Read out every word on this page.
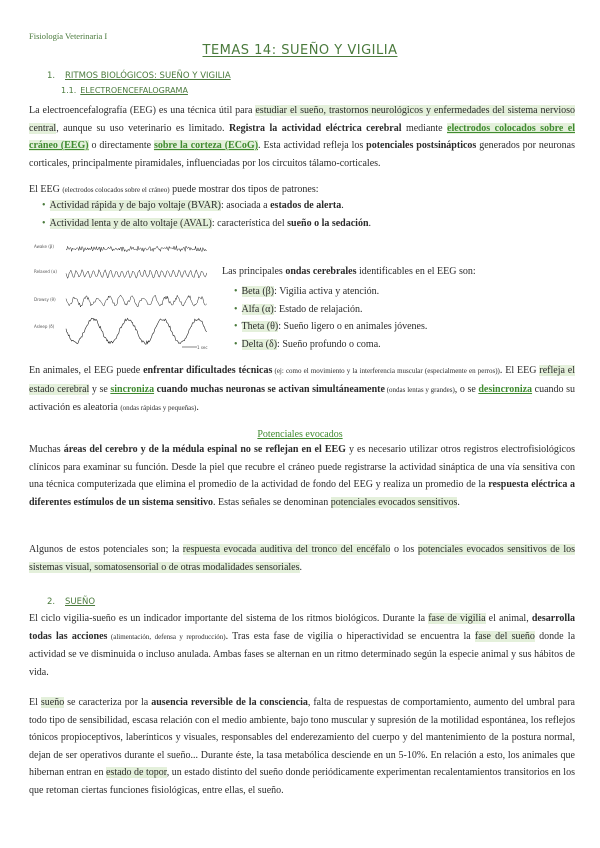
Fisiología Veterinaria I
TEMAS 14: SUEÑO Y VIGILIA
1. RITMOS BIOLÓGICOS: SUEÑO Y VIGILIA
1.1. ELECTROENCEFALOGRAMA
La electroencefalografía (EEG) es una técnica útil para estudiar el sueño, trastornos neurológicos y enfermedades del sistema nervioso central, aunque su uso veterinario es limitado. Registra la actividad eléctrica cerebral mediante electrodos colocados sobre el cráneo (EEG) o directamente sobre la corteza (ECoG). Esta actividad refleja los potenciales postsinápticos generados por neuronas corticales, principalmente piramidales, influenciadas por los circuitos tálamo-corticales.
El EEG (electrodos colocados sobre el cráneo) puede mostrar dos tipos de patrones:
• Actividad rápida y de bajo voltaje (BVAR): asociada a estados de alerta.
• Actividad lenta y de alto voltaje (AVAL): característica del sueño o la sedación.
Awake (β)
Relaxed (α)
Drowsy (θ)
Asleep (δ)
1 sec
Las principales ondas cerebrales identificables en el EEG son:
• Beta (β): Vigilia activa y atención.
• Alfa (α): Estado de relajación.
• Theta (θ): Sueño ligero o en animales jóvenes.
• Delta (δ): Sueño profundo o coma.
En animales, el EEG puede enfrentar dificultades técnicas (ej: como el movimiento y la interferencia muscular (especialmente en perros)). El EEG refleja el estado cerebral y se sincroniza cuando muchas neuronas se activan simultáneamente (ondas lentas y grandes), o se desincroniza cuando su activación es aleatoria (ondas rápidas y pequeñas).
Potenciales evocados
Muchas áreas del cerebro y de la médula espinal no se reflejan en el EEG y es necesario utilizar otros registros electrofisiológicos clínicos para examinar su función. Desde la piel que recubre el cráneo puede registrarse la actividad sináptica de una vía sensitiva con una técnica computerizada que elimina el promedio de la actividad de fondo del EEG y realiza un promedio de la respuesta eléctrica a diferentes estímulos de un sistema sensitivo. Estas señales se denominan potenciales evocados sensitivos.
Algunos de estos potenciales son; la respuesta evocada auditiva del tronco del encéfalo o los potenciales evocados sensitivos de los sistemas visual, somatosensorial o de otras modalidades sensoriales.
2. SUEÑO
El ciclo vigilia-sueño es un indicador importante del sistema de los ritmos biológicos. Durante la fase de vigilia el animal, desarrolla todas las acciones (alimentación, defensa y reproducción). Tras esta fase de vigilia o hiperactividad se encuentra la fase del sueño donde la actividad se ve disminuida o incluso anulada. Ambas fases se alternan en un ritmo determinado según la especie animal y sus hábitos de vida.
El sueño se caracteriza por la ausencia reversible de la consciencia, falta de respuestas de comportamiento, aumento del umbral para todo tipo de sensibilidad, escasa relación con el medio ambiente, bajo tono muscular y supresión de la motilidad espontánea, los reflejos tónicos propioceptivos, laberínticos y visuales, responsables del enderezamiento del cuerpo y del mantenimiento de la postura normal, dejan de ser operativos durante el sueño... Durante éste, la tasa metabólica desciende en un 5-10%. En relación a esto, los animales que hibernan entran en estado de topor, un estado distinto del sueño donde periódicamente experimentan recalentamientos transitorios en los que retoman ciertas funciones fisiológicas, entre ellas, el sueño.
